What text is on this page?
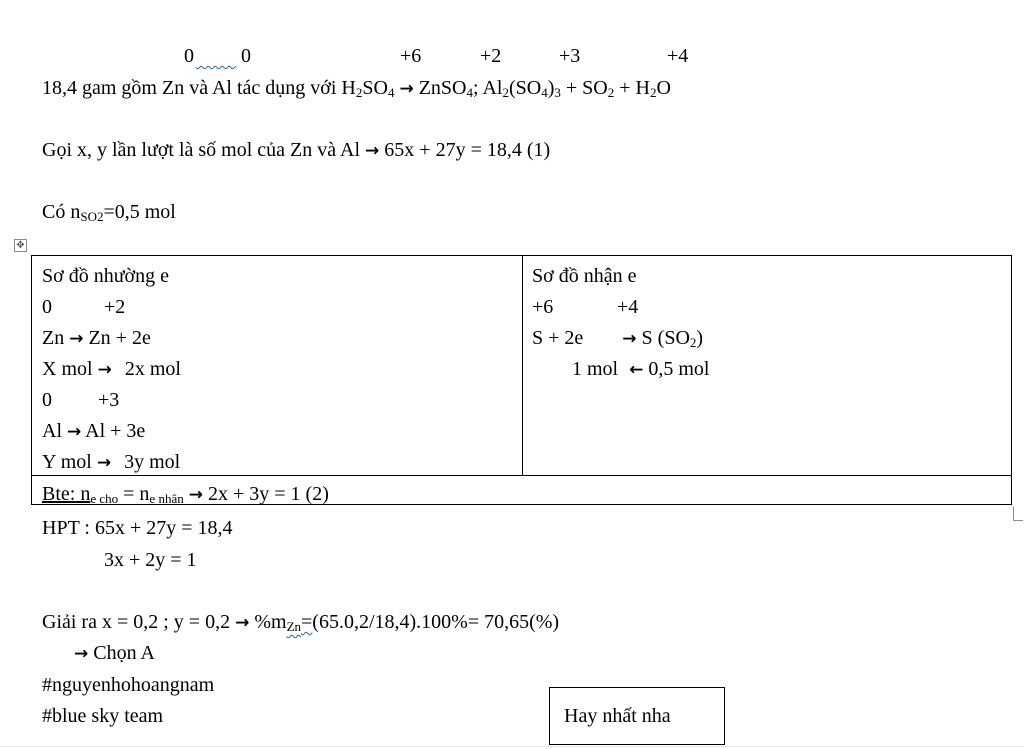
0 0	+6	+2	+3	+4
18,4 gam gồm Zn và Al tác dụng với $H_2SO_4$ → ZnSO$_4$; $Al_2(SO_4)_3 + SO_2 + H_2O$
Gọi x, y lần lượt là số mol của Zn và Al → 65x + 27y = 18,4 (1)
Có $n_{SO2}=0,5$ mol
✥
Sơ đồ nhường e
0	+2
Zn → Zn + 2e
X mol → 2x mol
0 +3
Al → Al + 3e
Y mol → 3y mol
Sơ đồ nhận e
+6	+4
S + 2e → S $(SO_2)$
1 mol ← 0,5 mol
Bte: $n_{e cho} = n_{e nhận} \to 2x + 3y = 1$ (2)
HPT : 65x + 27y = 18,4
3x + 2y = 1
Giải ra x = 0,2 ; $y = 0,2 \to \%m_{Zn}=(65.0,2/18,4).100\%= 70,65(\%)$
→ Chọn A
#nguyenhohoangnam
#blue sky team	Hay nhất nha
